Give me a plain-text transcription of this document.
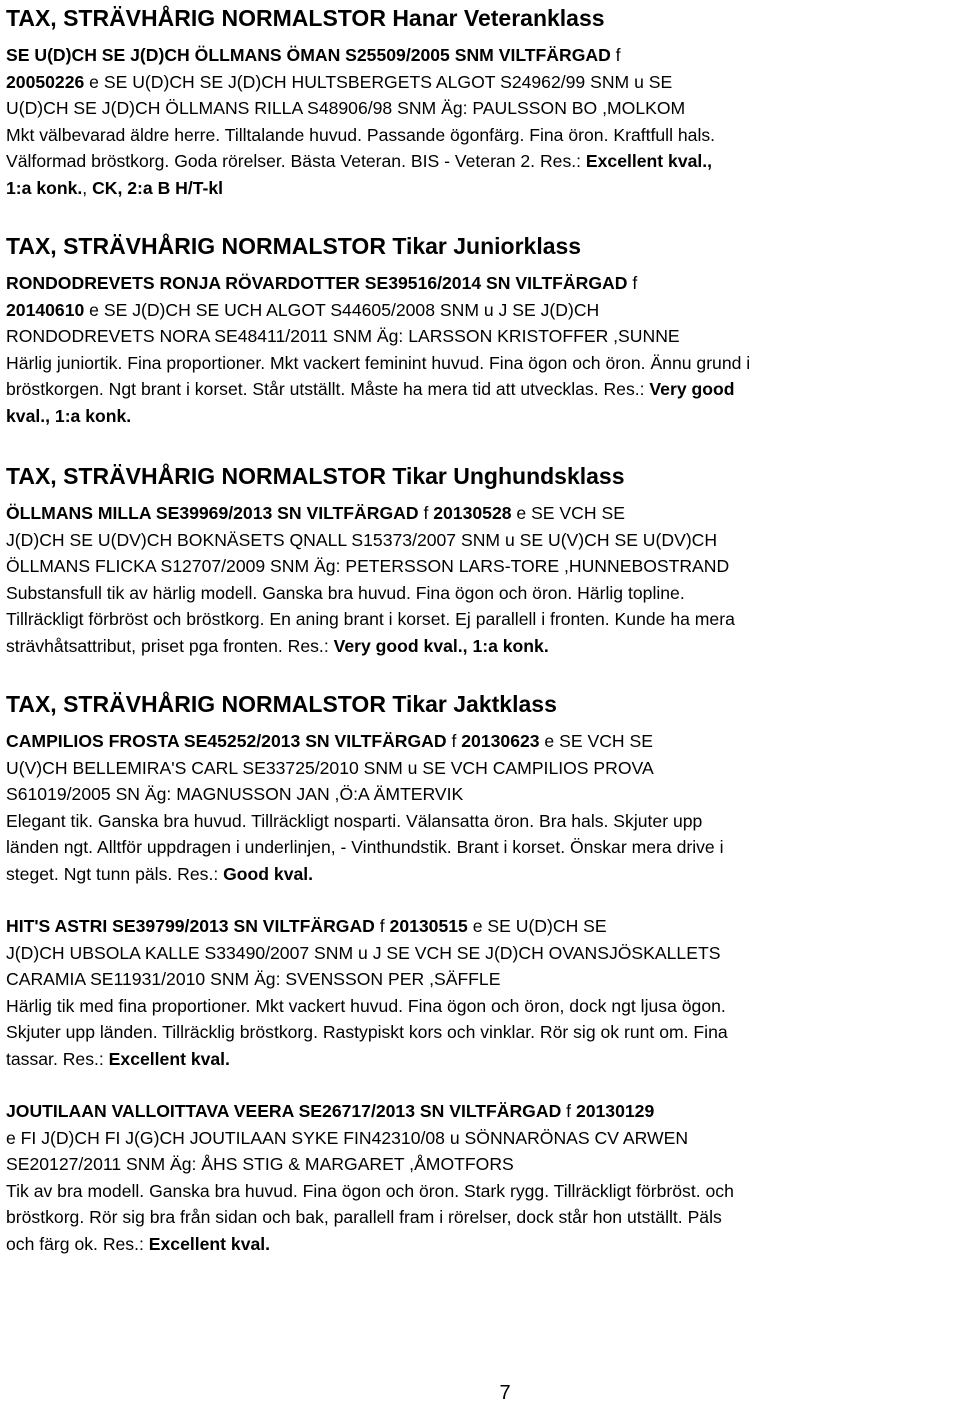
TAX, STRÄVHÅRIG NORMALSTOR Hanar Veteranklass
SE U(D)CH SE J(D)CH ÖLLMANS ÖMAN S25509/2005 SNM VILTFÄRGAD f
20050226 e SE U(D)CH SE J(D)CH HULTSBERGETS ALGOT S24962/99 SNM u SE
U(D)CH SE J(D)CH ÖLLMANS RILLA S48906/98 SNM Äg: PAULSSON BO ,MOLKOM
Mkt välbevarad äldre herre. Tilltalande huvud. Passande ögonfärg. Fina öron. Kraftfull hals.
Välformad bröstkorg. Goda rörelser. Bästa Veteran. BIS - Veteran 2. Res.: Excellent kval.,
1:a konk., CK, 2:a B H/T-kl
TAX, STRÄVHÅRIG NORMALSTOR Tikar Juniorklass
RONDODREVETS RONJA RÖVARDOTTER SE39516/2014 SN VILTFÄRGAD f
20140610 e SE J(D)CH SE UCH ALGOT S44605/2008 SNM u J SE J(D)CH
RONDODREVETS NORA SE48411/2011 SNM Äg: LARSSON KRISTOFFER ,SUNNE
Härlig juniortik. Fina proportioner. Mkt vackert feminint huvud. Fina ögon och öron. Ännu grund i
bröstkorgen. Ngt brant i korset. Står utställt. Måste ha mera tid att utvecklas. Res.: Very good
kval., 1:a konk.
TAX, STRÄVHÅRIG NORMALSTOR Tikar Unghundsklass
ÖLLMANS MILLA SE39969/2013 SN VILTFÄRGAD f 20130528 e SE VCH SE
J(D)CH SE U(DV)CH BOKNÄSETS QNALL S15373/2007 SNM u SE U(V)CH SE U(DV)CH
ÖLLMANS FLICKA S12707/2009 SNM Äg: PETERSSON LARS-TORE ,HUNNEBOSTRAND
Substansfull tik av härlig modell. Ganska bra huvud. Fina ögon och öron. Härlig topline.
Tillräckligt förbröst och bröstkorg. En aning brant i korset. Ej parallell i fronten. Kunde ha mera
strävhåtsattribut, priset pga fronten. Res.: Very good kval., 1:a konk.
TAX, STRÄVHÅRIG NORMALSTOR Tikar Jaktklass
CAMPILIOS FROSTA SE45252/2013 SN VILTFÄRGAD f 20130623 e SE VCH SE
U(V)CH BELLEMIRA'S CARL SE33725/2010 SNM u SE VCH CAMPILIOS PROVA
S61019/2005 SN Äg: MAGNUSSON JAN ,Ö:A ÄMTERVIK
Elegant tik. Ganska bra huvud. Tillräckligt nosparti. Välansatta öron. Bra hals. Skjuter upp
länden ngt. Alltför uppdragen i underlinjen, - Vinthundstik. Brant i korset. Önskar mera drive i
steget. Ngt tunn päls. Res.: Good kval.
HIT'S ASTRI SE39799/2013 SN VILTFÄRGAD f 20130515 e SE U(D)CH SE
J(D)CH UBSOLA KALLE S33490/2007 SNM u J SE VCH SE J(D)CH OVANSJÖSKALLETS
CARAMIA SE11931/2010 SNM Äg: SVENSSON PER ,SÄFFLE
Härlig tik med fina proportioner. Mkt vackert huvud. Fina ögon och öron, dock ngt ljusa ögon.
Skjuter upp länden. Tillräcklig bröstkorg. Rastypiskt kors och vinklar. Rör sig ok runt om. Fina
tassar. Res.: Excellent kval.
JOUTILAAN VALLOITTAVA VEERA SE26717/2013 SN VILTFÄRGAD f 20130129
e FI J(D)CH FI J(G)CH JOUTILAAN SYKE FIN42310/08 u SÖNNARÖNAS CV ARWEN
SE20127/2011 SNM Äg: ÅHS STIG & MARGARET ,ÅMOTFORS
Tik av bra modell. Ganska bra huvud. Fina ögon och öron. Stark rygg. Tillräckligt förbröst. och
bröstkorg. Rör sig bra från sidan och bak, parallell fram i rörelser, dock står hon utställt. Päls
och färg ok. Res.: Excellent kval.
7
